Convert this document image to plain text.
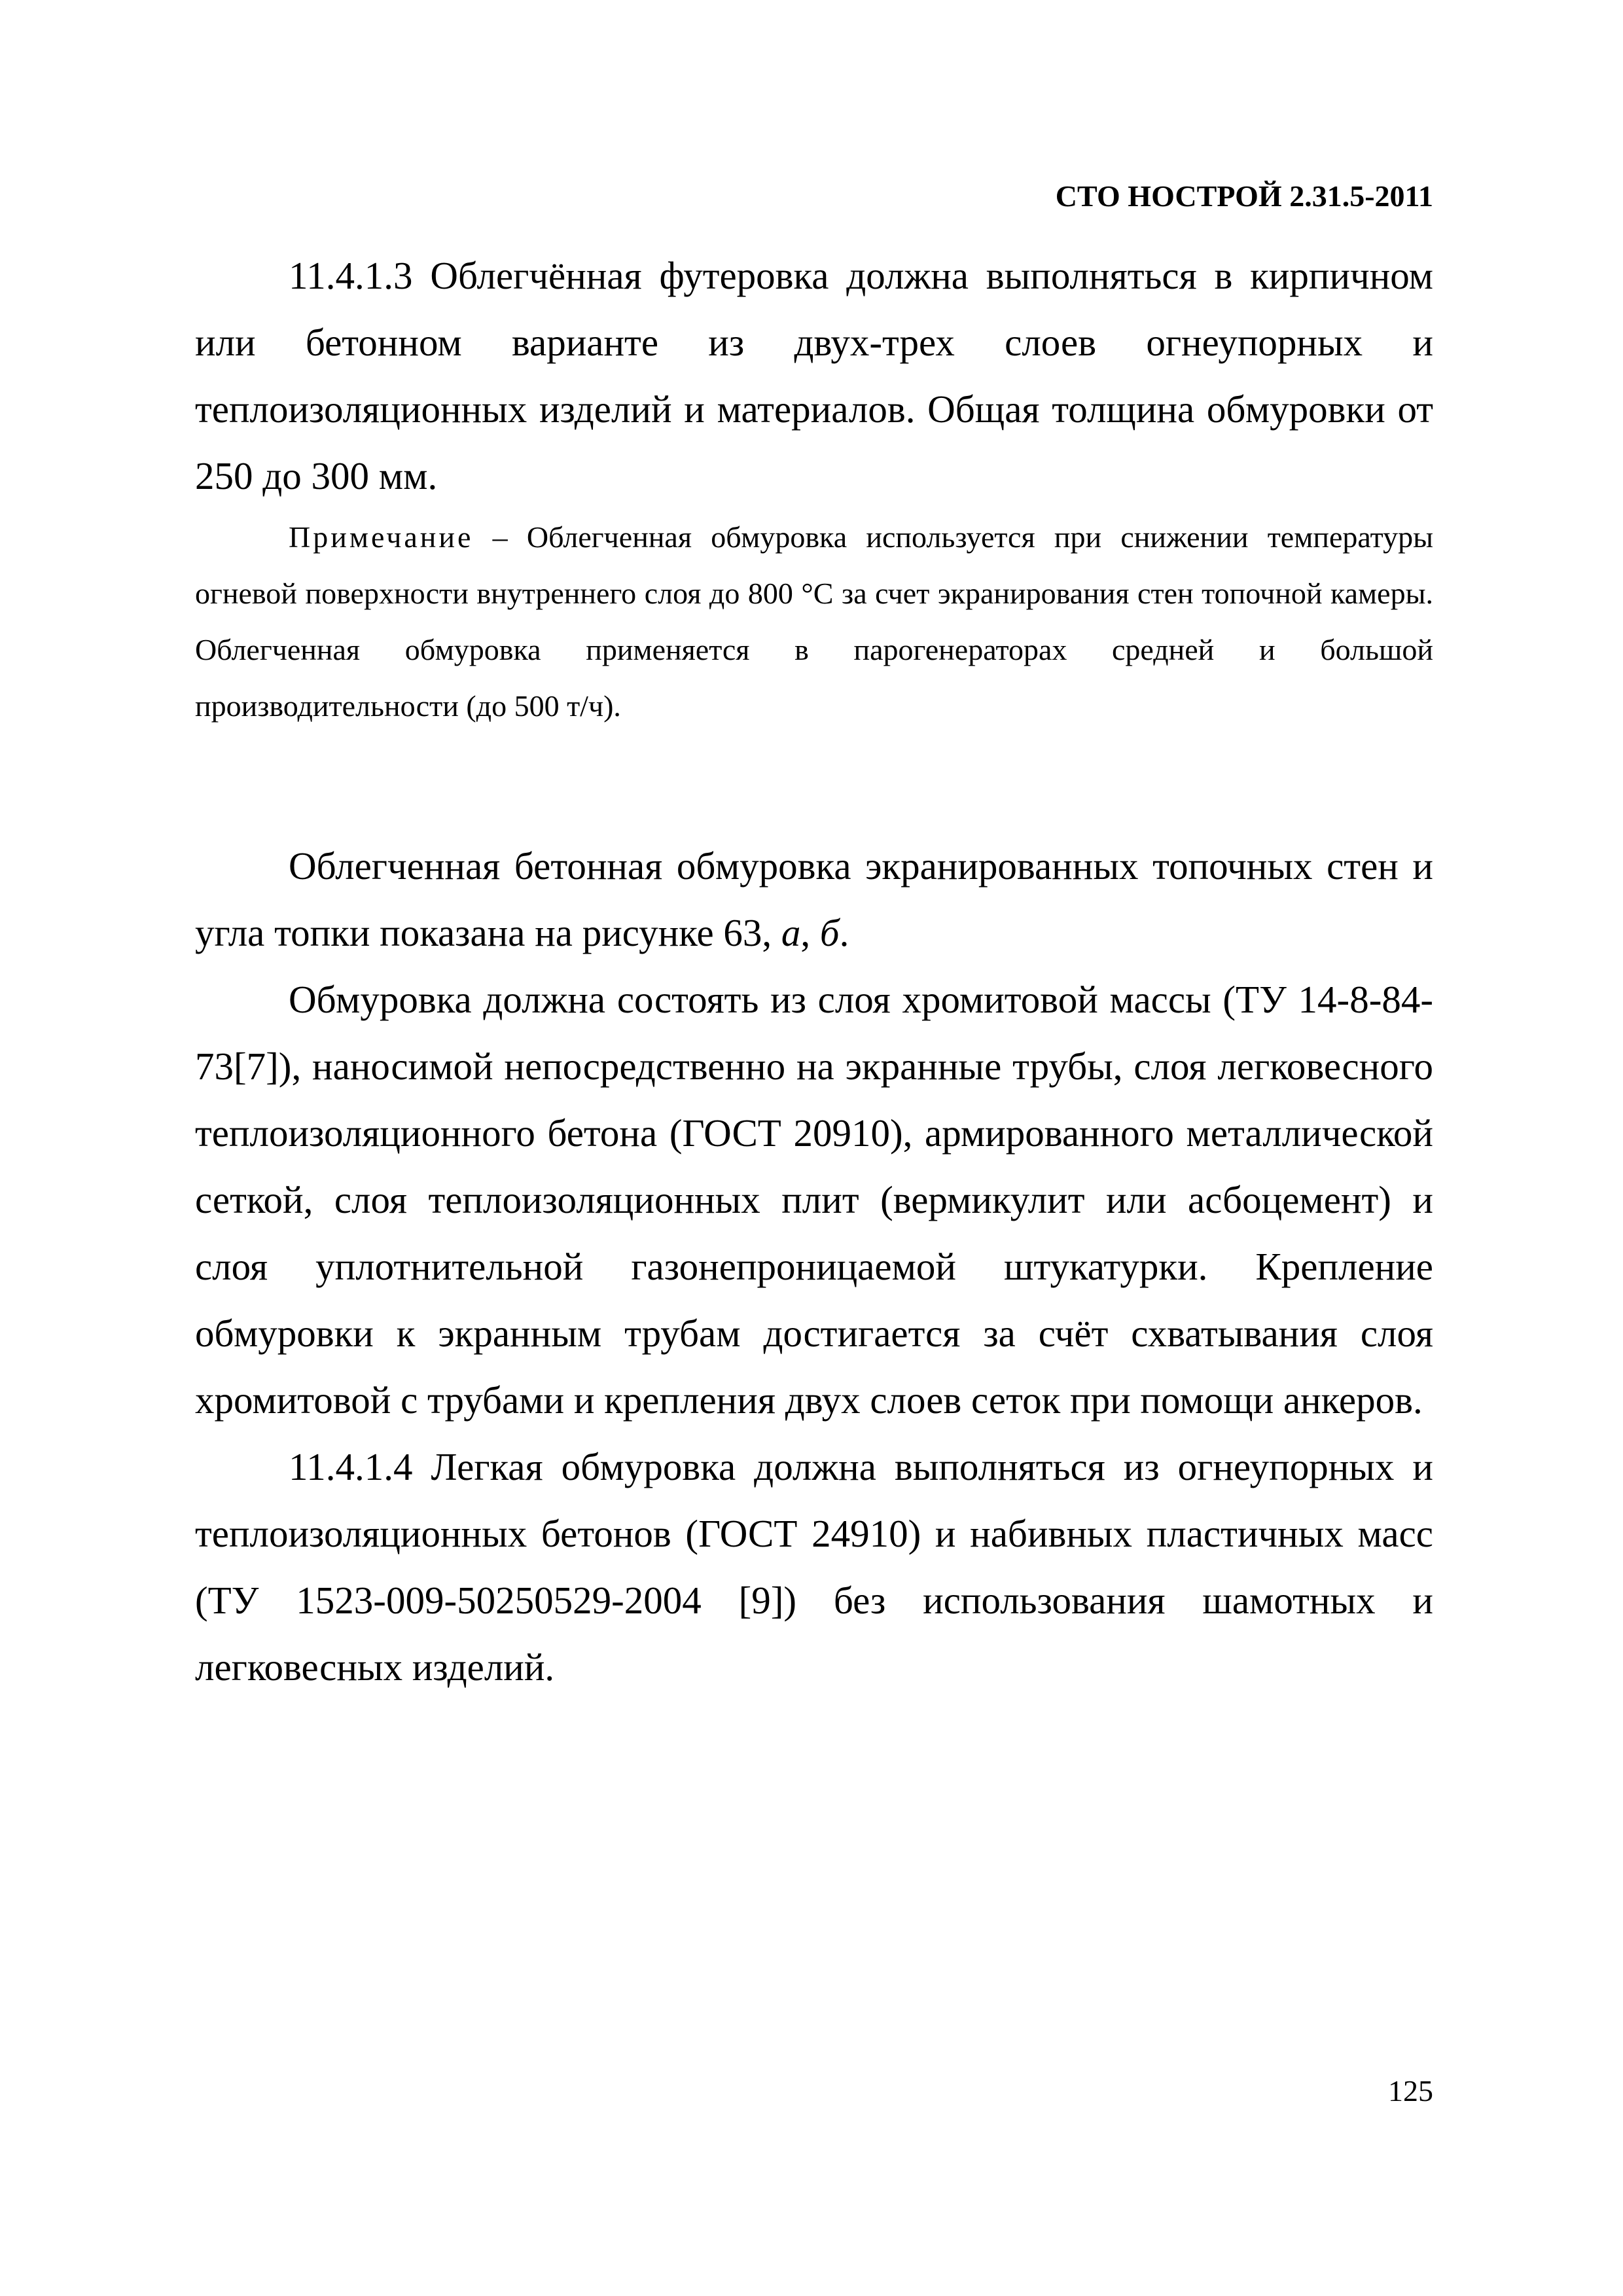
СТО НОСТРОЙ 2.31.5-2011

11.4.1.3 Облегчённая футеровка должна выполняться в кирпичном или бетонном варианте из двух-трех слоев огнеупорных и теплоизоляционных изделий и материалов. Общая толщина обмуровки от 250 до 300 мм.

Примечание – Облегченная обмуровка используется при снижении температуры огневой поверхности внутреннего слоя до 800 °С за счет экранирования стен топочной камеры. Облегченная обмуровка применяется в парогенераторах средней и большой производительности (до 500 т/ч).

Облегченная бетонная обмуровка экранированных топочных стен и угла топки показана на рисунке 63, а, б.

Обмуровка должна состоять из слоя хромитовой массы (ТУ 14-8-84-73[7]), наносимой непосредственно на экранные трубы, слоя легковесного теплоизоляционного бетона (ГОСТ 20910), армированного металлической сеткой, слоя теплоизоляционных плит (вермикулит или асбоцемент) и слоя уплотнительной газонепроницаемой штукатурки. Крепление обмуровки к экранным трубам достигается за счёт схватывания слоя хромитовой с трубами и крепления двух слоев сеток при помощи анкеров.

11.4.1.4 Легкая обмуровка должна выполняться из огнеупорных и теплоизоляционных бетонов (ГОСТ 24910) и набивных пластичных масс (ТУ 1523-009-50250529-2004 [9]) без использования шамотных и легковесных изделий.

125
